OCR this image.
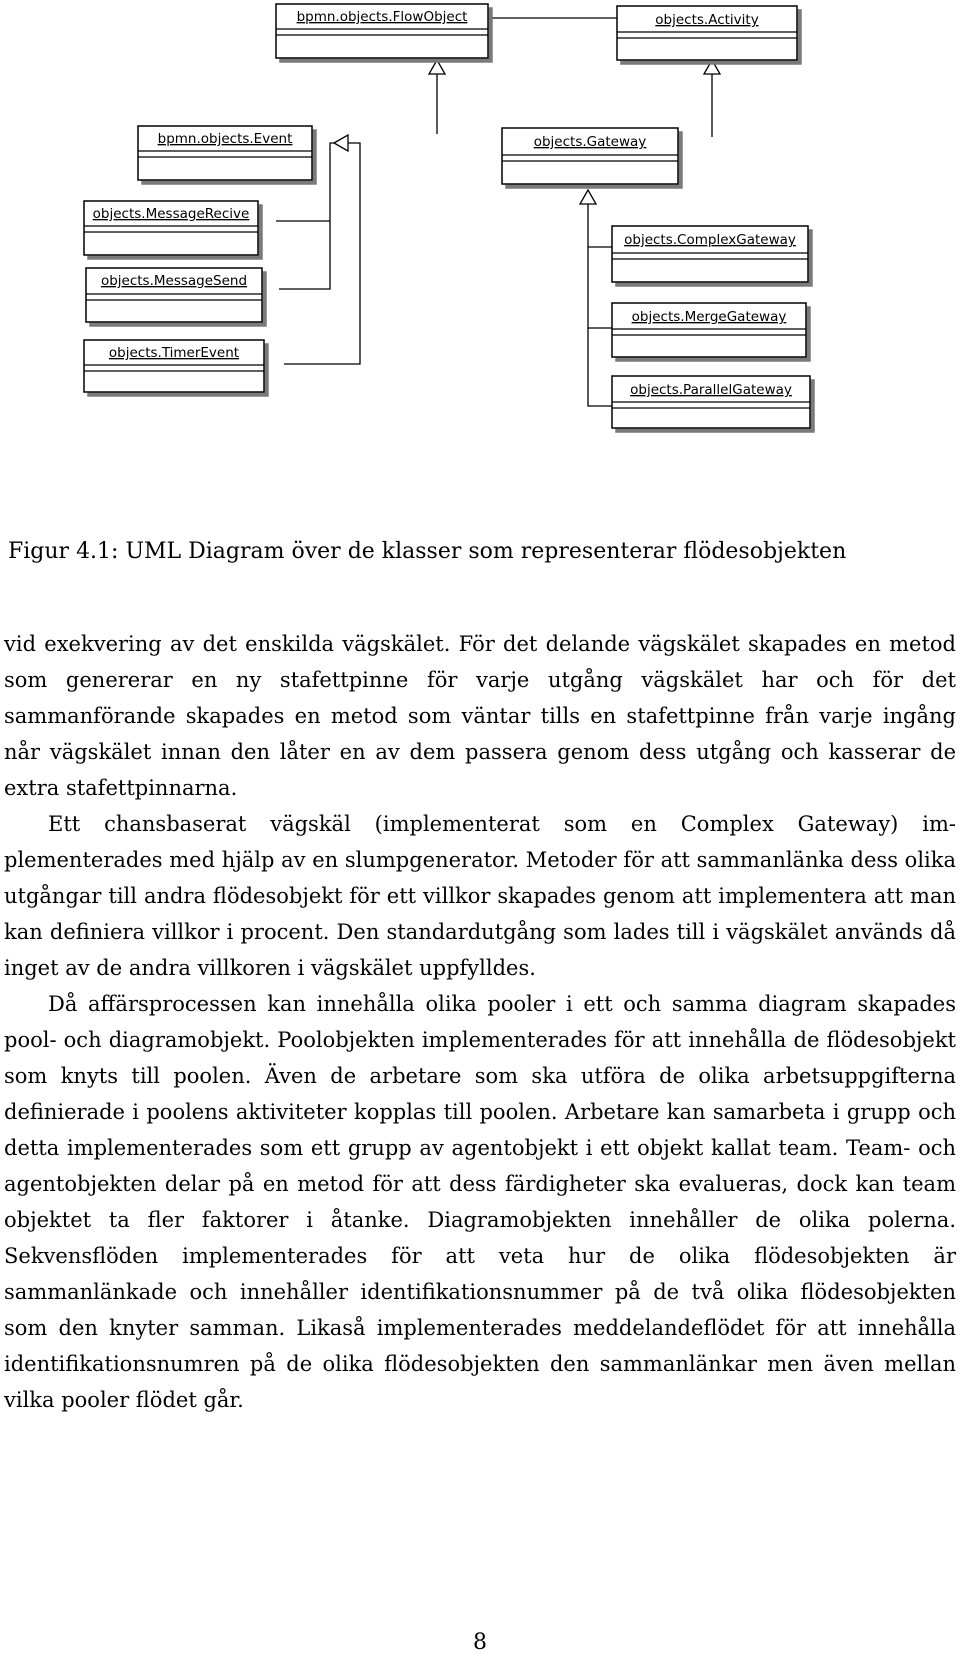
bpmn.objects.FlowObject	objects.Activity
bpmn.objects.Event	objects.Gateway
objects.MessageRecive
objects.MessageSend
objects.TimerEvent
objects.ComplexGateway
objects.MergeGateway
objects.ParallelGateway
Figur 4.1: UML Diagram över de klasser som representerar flödesobjekten

vid exekvering av det enskilda vägskälet. För det delande vägskälet skapades en metod som genererar en ny stafettpinne för varje utgång vägskälet har och för det sammanförande skapades en metod som väntar tills en stafettpinne från varje ingång når vägskälet innan den låter en av dem passera genom dess utgång och kasserar de extra stafettpinnarna.

Ett chansbaserat vägskäl (implementerat som en Complex Gateway) implementerades med hjälp av en slumpgenerator. Metoder för att sammanlänka dess olika utgångar till andra flödesobjekt för ett villkor skapades genom att implementera att man kan definiera villkor i procent. Den standardutgång som lades till i vägskälet används då inget av de andra villkoren i vägskälet uppfylldes.

Då affärsprocessen kan innehålla olika pooler i ett och samma diagram skapades pool- och diagramobjekt. Poolobjekten implementerades för att innehålla de flödesobjekt som knyts till poolen. Även de arbetare som ska utföra de olika arbetsuppgifterna definierade i poolens aktiviteter kopplas till poolen. Arbetare kan samarbeta i grupp och detta implementerades som ett grupp av agentobjekt i ett objekt kallat team. Team- och agentobjekten delar på en metod för att dess färdigheter ska evalueras, dock kan team objektet ta fler faktorer i åtanke. Diagramobjekten innehåller de olika polerna. Sekvensflöden implementerades för att veta hur de olika flödesobjekten är sammanlänkade och innehåller identifikationsnummer på de två olika flödesobjekten som den knyter samman. Likaså implementerades meddelandeflödet för att innehålla identifikationsnumren på de olika flödesobjekten den sammanlänkar men även mellan vilka pooler flödet går.

8
